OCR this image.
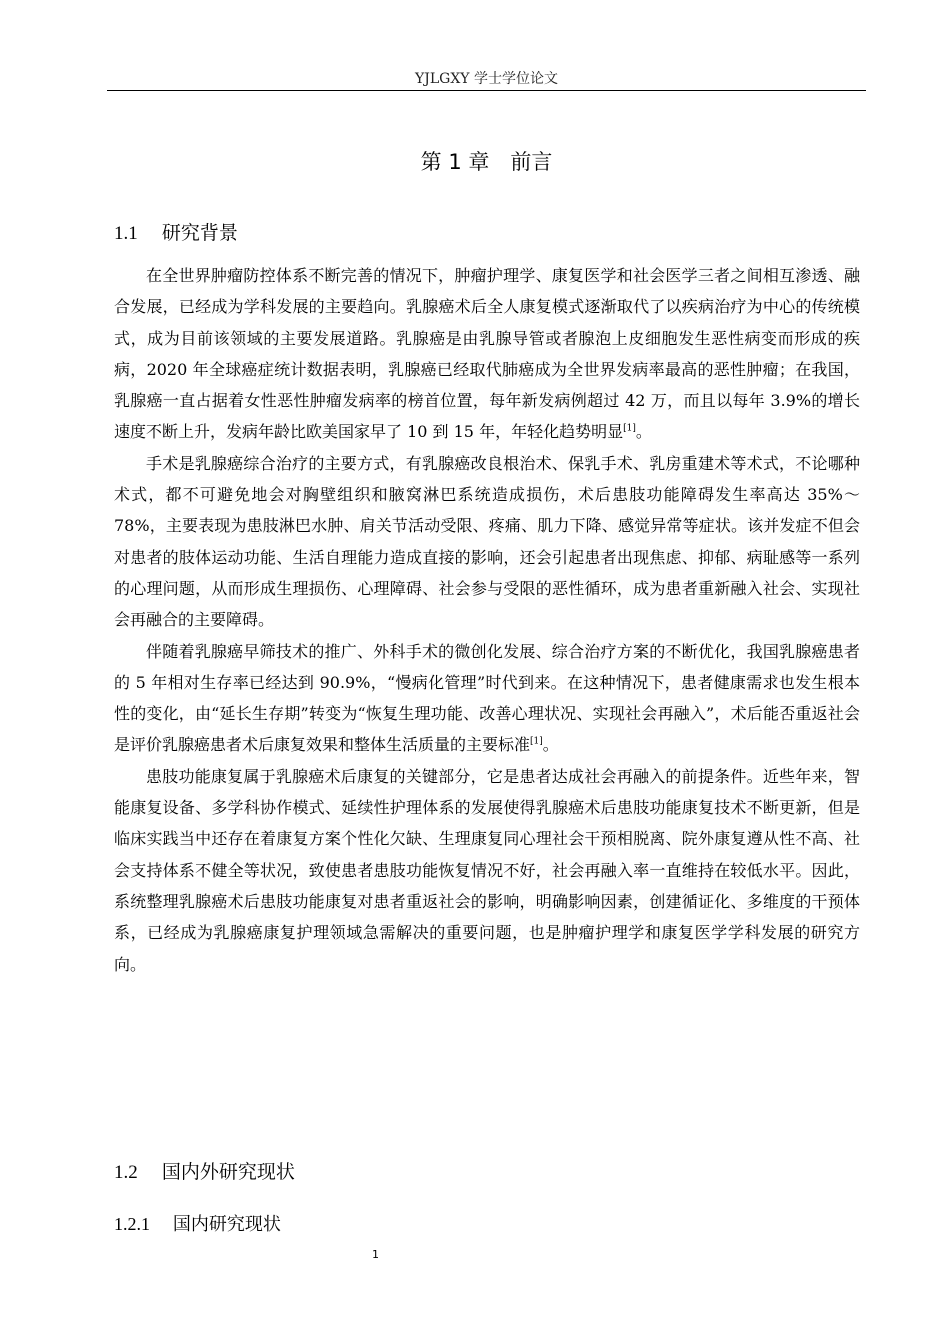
YJLGXY 学士学位论文
第 1 章　前言
1.1 研究背景

在全世界肿瘤防控体系不断完善的情况下，肿瘤护理学、康复医学和社会医学三者之间相互渗透、融合发展，已经成为学科发展的主要趋向。乳腺癌术后全人康复模式逐渐取代了以疾病治疗为中心的传统模式，成为目前该领域的主要发展道路。乳腺癌是由乳腺导管或者腺泡上皮细胞发生恶性病变而形成的疾病，2020 年全球癌症统计数据表明，乳腺癌已经取代肺癌成为全世界发病率最高的恶性肿瘤；在我国，乳腺癌一直占据着女性恶性肿瘤发病率的榜首位置，每年新发病例超过 42 万，而且以每年 3.9%的增长速度不断上升，发病年龄比欧美国家早了 10 到 15 年，年轻化趋势明显[1]。

手术是乳腺癌综合治疗的主要方式，有乳腺癌改良根治术、保乳手术、乳房重建术等术式，不论哪种术式，都不可避免地会对胸壁组织和腋窝淋巴系统造成损伤，术后患肢功能障碍发生率高达 35%～78%，主要表现为患肢淋巴水肿、肩关节活动受限、疼痛、肌力下降、感觉异常等症状。该并发症不但会对患者的肢体运动功能、生活自理能力造成直接的影响，还会引起患者出现焦虑、抑郁、病耻感等一系列的心理问题，从而形成生理损伤、心理障碍、社会参与受限的恶性循环，成为患者重新融入社会、实现社会再融合的主要障碍。

伴随着乳腺癌早筛技术的推广、外科手术的微创化发展、综合治疗方案的不断优化，我国乳腺癌患者的 5 年相对生存率已经达到 90.9%，“慢病化管理”时代到来。在这种情况下，患者健康需求也发生根本性的变化，由“延长生存期”转变为“恢复生理功能、改善心理状况、实现社会再融入”，术后能否重返社会是评价乳腺癌患者术后康复效果和整体生活质量的主要标准[1]。

患肢功能康复属于乳腺癌术后康复的关键部分，它是患者达成社会再融入的前提条件。近些年来，智能康复设备、多学科协作模式、延续性护理体系的发展使得乳腺癌术后患肢功能康复技术不断更新，但是临床实践当中还存在着康复方案个性化欠缺、生理康复同心理社会干预相脱离、院外康复遵从性不高、社会支持体系不健全等状况，致使患者患肢功能恢复情况不好，社会再融入率一直维持在较低水平。因此，系统整理乳腺癌术后患肢功能康复对患者重返社会的影响，明确影响因素，创建循证化、多维度的干预体系，已经成为乳腺癌康复护理领域急需解决的重要问题，也是肿瘤护理学和康复医学学科发展的研究方向。

1.2 国内外研究现状
1.2.1 国内研究现状
1
